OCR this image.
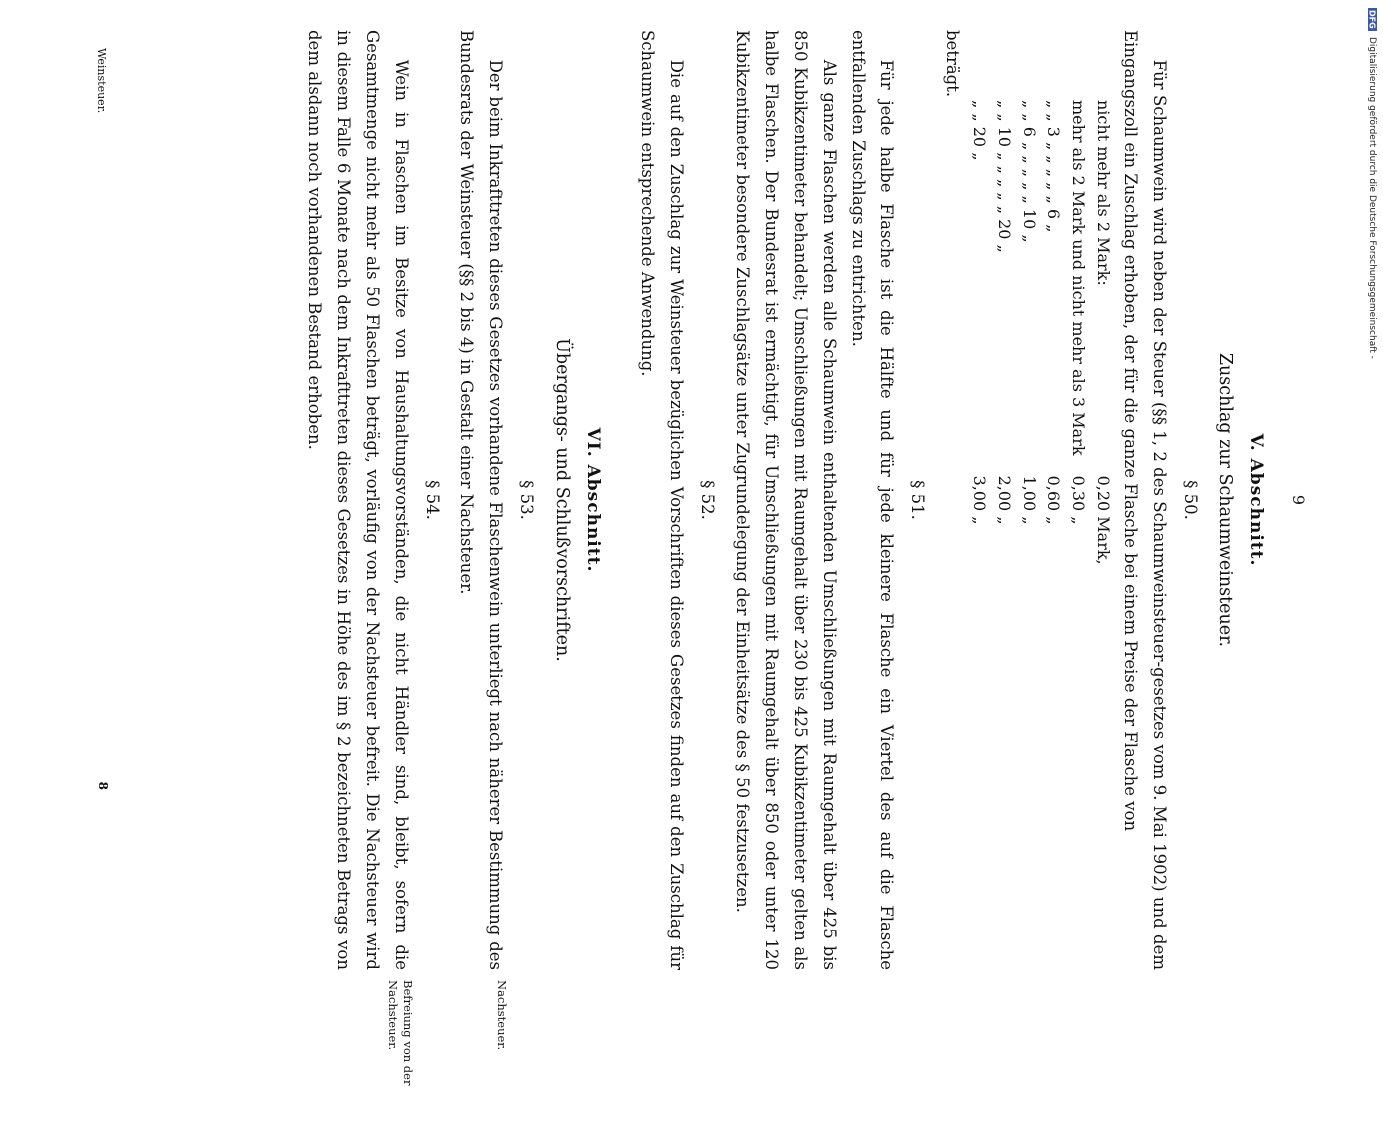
9
V. Abschnitt.
Zuschlag zur Schaumweinsteuer.
§ 50.

Für Schaumwein wird neben der Steuer (§§ 1, 2 des Schaumweinsteuer-gesetzes vom 9. Mai 1902) und dem Eingangszoll ein Zuschlag erhoben, der für die ganze Flasche bei einem Preise der Flasche von

nicht mehr als 2 Mark:	0,20 Mark,
mehr als 2 Mark und nicht mehr als 3 Mark	0,30 „
„ „ 3 „ „ „ „ „ 6 „	0,60 „
„ „ 6 „ „ „ „ „ 10 „	1,00 „
„ „ 10 „ „ „ „ „ 20 „	2,00 „
„ „ 20 „	3,00 „

beträgt.

§ 51.

Für jede halbe Flasche ist die Hälfte und für jede kleinere Flasche ein Viertel des auf die Flasche entfallenden Zuschlags zu entrichten.

Als ganze Flaschen werden alle Schaumwein enthaltenden Umschließungen mit Raumgehalt über 425 bis 850 Kubikzentimeter behandelt; Umschließungen mit Raumgehalt über 230 bis 425 Kubikzentimeter gelten als halbe Flaschen. Der Bundesrat ist ermächtigt, für Umschließungen mit Raumgehalt über 850 oder unter 120 Kubikzentimeter besondere Zuschlagsätze unter Zugrundelegung der Einheitsätze des § 50 festzusetzen.

§ 52.

Die auf den Zuschlag zur Weinsteuer bezüglichen Vorschriften dieses Gesetzes finden auf den Zuschlag für Schaumwein entsprechende Anwendung.

VI. Abschnitt.
Übergangs- und Schlußvorschriften.
§ 53.

Der beim Inkrafttreten dieses Gesetzes vorhandene Flaschenwein unterliegt nach näherer Bestimmung des Bundesrats der Weinsteuer (§§ 2 bis 4) in Gestalt einer Nachsteuer.

Nachsteuer.
§ 54.

Wein in Flaschen im Besitze von Haushaltungsvorständen, die nicht Händler sind, bleibt, sofern die Gesamtmenge nicht mehr als 50 Flaschen beträgt, vorläufig von der Nachsteuer befreit. Die Nachsteuer wird in diesem Falle 6 Monate nach dem Inkrafttreten dieses Gesetzes in Höhe des im § 2 bezeichneten Betrags von dem alsdann noch vorhandenen Bestand erhoben.

Befreiung von der Nachsteuer.
Weinsteuer.
8
DFG
Digitalisierung gefördert durch die Deutsche Forschungsgemeinschaft -
